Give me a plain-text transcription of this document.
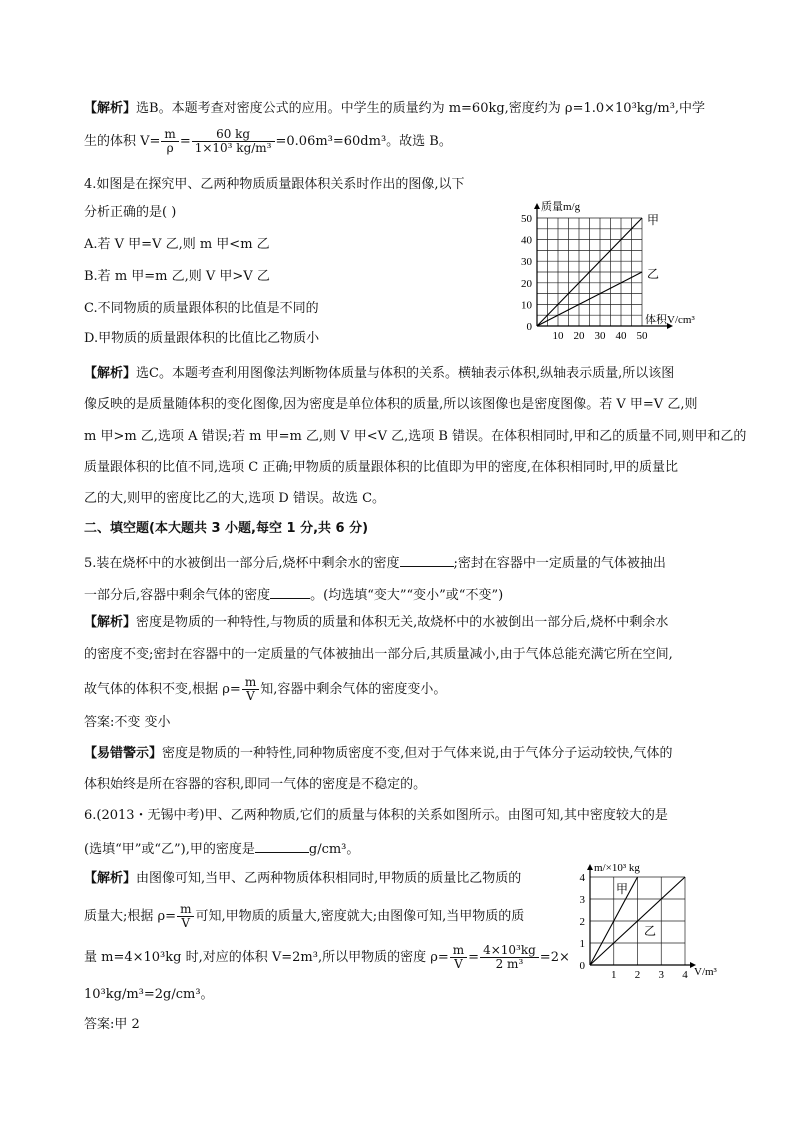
【解析】选B。本题考查对密度公式的应用。中学生的质量约为 m=60kg,密度约为 ρ=1.0×10³kg/m³,中学
生的体积 $V= \frac{m}{\rho} = \frac{60 kg}{\text{1×10³ kg/m³}} =0.06m^3=60dm^3$。故选 B。
4.如图是在探究甲、乙两种物质质量跟体积关系时作出的图像,以下
分析正确的是( )
A.若 V 甲=V 乙,则 m 甲<m 乙
B.若 m 甲=m 乙,则 V 甲>V 乙
C.不同物质的质量跟体积的比值是不同的
D.甲物质的质量跟体积的比值比乙物质小	10 20 30 40 50
0
10
20
30
40
50
质量m/g
体积V/cm³
甲
乙
【解析】选C。本题考查利用图像法判断物体质量与体积的关系。横轴表示体积,纵轴表示质量,所以该图
像反映的是质量随体积的变化图像,因为密度是单位体积的质量,所以该图像也是密度图像。若 V 甲=V 乙,则
m 甲>m 乙,选项 A 错误;若 m 甲=m 乙,则 V 甲<V 乙,选项 B 错误。在体积相同时,甲和乙的质量不同,则甲和乙的
质量跟体积的比值不同,选项 C 正确;甲物质的质量跟体积的比值即为甲的密度,在体积相同时,甲的质量比
乙的大,则甲的密度比乙的大,选项 D 错误。故选 C。
二、填空题(本大题共 3 小题,每空 1 分,共 6 分)
5.装在烧杯中的水被倒出一部分后,烧杯中剩余水的密度	;密封在容器中一定质量的气体被抽出
一部分后,容器中剩余气体的密度	。(均选填“变大”“变小”或“不变”)
【解析】密度是物质的一种特性,与物质的质量和体积无关,故烧杯中的水被倒出一部分后,烧杯中剩余水
的密度不变;密封在容器中的一定质量的气体被抽出一部分后,其质量减小,由于气体总能充满它所在空间,
故气体的体积不变,根据 $\rho= \frac{m}{V}$ 知,容器中剩余气体的密度变小。
答案:不变 变小
【易错警示】密度是物质的一种特性,同种物质密度不变,但对于气体来说,由于气体分子运动较快,气体的
体积始终是所在容器的容积,即同一气体的密度是不稳定的。
6.(2013・无锡中考)甲、乙两种物质,它们的质量与体积的关系如图所示。由图可知,其中密度较大的是
(选填“甲”或“乙”),甲的密度是	g/cm³。
1 2 3 4
0
1
2
3
4
m/×10³ kg
V/m³
甲
乙
【解析】由图像可知,当甲、乙两种物质体积相同时,甲物质的质量比乙物质的
质量大;根据 $\rho= \frac{m}{V}$ 可知,甲物质的质量大,密度就大;由图像可知,当甲物质的质
量 m=4×10³kg 时,对应的体积 V=2m³,所以甲物质的密度 $\rho= \frac{m}{V} = \frac{\text{4×10³kg}}{\text{2 m³}} =2\times$
10³kg/m³=2g/cm³。
答案:甲 2
